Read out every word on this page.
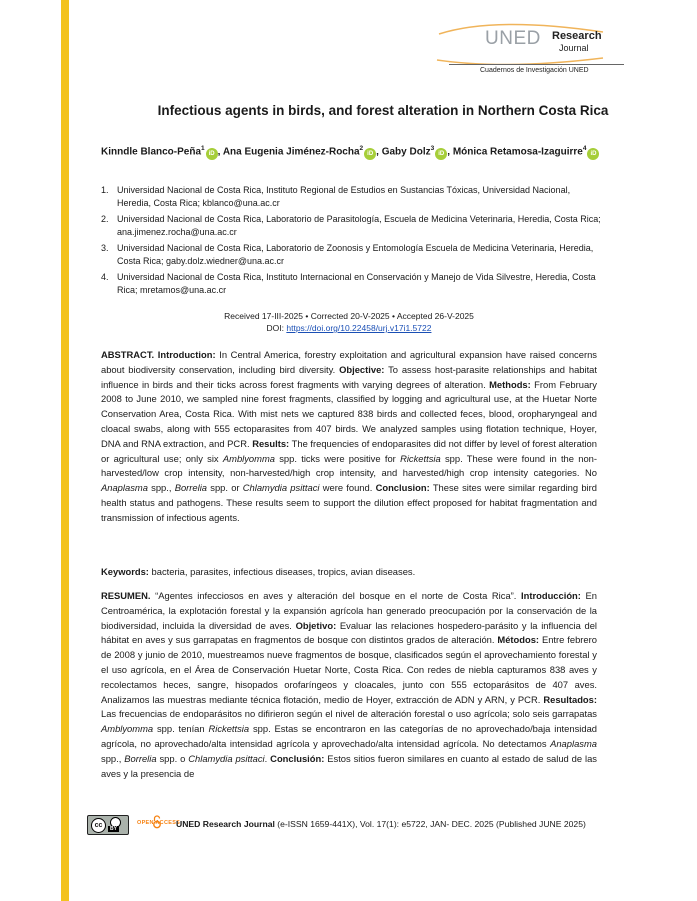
UNED Research
Journal
Cuadernos de Investigación UNED
Infectious agents in birds, and forest alteration in Northern Costa Rica
Kinndle Blanco-Peña$^1$iD , Ana Eugenia Jiménez-Rocha$^2$iD , Gaby Dolz$^3$iD , Mónica Retamosa-Izaguirre$^4$iD
1. Universidad Nacional de Costa Rica, Instituto Regional de Estudios en Sustancias Tóxicas, Universidad Nacional, Heredia, Costa Rica; kblanco@una.ac.cr
2. Universidad Nacional de Costa Rica, Laboratorio de Parasitología, Escuela de Medicina Veterinaria, Heredia, Costa Rica; ana.jimenez.rocha@una.ac.cr
3. Universidad Nacional de Costa Rica, Laboratorio de Zoonosis y Entomología Escuela de Medicina Veterinaria, Heredia, Costa Rica; gaby.dolz.wiedner@una.ac.cr
4. Universidad Nacional de Costa Rica, Instituto Internacional en Conservación y Manejo de Vida Silvestre, Heredia, Costa Rica; mretamos@una.ac.cr
Received 17-III-2025 • Corrected 20-V-2025 • Accepted 26-V-2025
DOI: https://doi.org/10.22458/urj.v17i1.5722

ABSTRACT. Introduction: In Central America, forestry exploitation and agricultural expansion have raised concerns about biodiversity conservation, including bird diversity. Objective: To assess host-parasite relationships and habitat influence in birds and their ticks across forest fragments with varying degrees of alteration. Methods: From February 2008 to June 2010, we sampled nine forest fragments, classified by logging and agricultural use, at the Huetar Norte Conservation Area, Costa Rica. With mist nets we captured 838 birds and collected feces, blood, oropharyngeal and cloacal swabs, along with 555 ectoparasites from 407 birds. We analyzed samples using flotation technique, Hoyer, DNA and RNA extraction, and PCR. Results: The frequencies of endoparasites did not differ by level of forest alteration or agricultural use; only six Amblyomma spp. ticks were positive for Rickettsia spp. These were found in the non-harvested/low crop intensity, non-harvested/high crop intensity, and harvested/high crop intensity categories. No Anaplasma spp., Borrelia spp. or Chlamydia psittaci were found. Conclusion: These sites were similar regarding bird health status and pathogens. These results seem to support the dilution effect proposed for habitat fragmentation and transmission of infectious agents.

Keywords: bacteria, parasites, infectious diseases, tropics, avian diseases.

RESUMEN. “Agentes infecciosos en aves y alteración del bosque en el norte de Costa Rica”. Introducción: En Centroamérica, la explotación forestal y la expansión agrícola han generado preocupación por la conservación de la biodiversidad, incluida la diversidad de aves. Objetivo: Evaluar las relaciones hospedero-parásito y la influencia del hábitat en aves y sus garrapatas en fragmentos de bosque con distintos grados de alteración. Métodos: Entre febrero de 2008 y junio de 2010, muestreamos nueve fragmentos de bosque, clasificados según el aprovechamiento forestal y el uso agrícola, en el Área de Conservación Huetar Norte, Costa Rica. Con redes de niebla capturamos 838 aves y recolectamos heces, sangre, hisopados orofaríngeos y cloacales, junto con 555 ectoparásitos de 407 aves. Analizamos las muestras mediante técnica flotación, medio de Hoyer, extracción de ADN y ARN, y PCR. Resultados: Las frecuencias de endoparásitos no difirieron según el nivel de alteración forestal o uso agrícola; solo seis garrapatas Amblyomma spp. tenían Rickettsia spp. Estas se encontraron en las categorías de no aprovechado/baja intensidad agrícola, no aprovechado/alta intensidad agrícola y aprovechado/alta intensidad agrícola. No detectamos Anaplasma spp., Borrelia spp. o Chlamydia psittaci. Conclusión: Estos sitios fueron similares en cuanto al estado de salud de las aves y la presencia de

cc	BY
OPEN ACCESS
UNED Research Journal (e-ISSN 1659-441X), Vol. 17(1): e5722, JAN- DEC. 2025 (Published JUNE 2025)
